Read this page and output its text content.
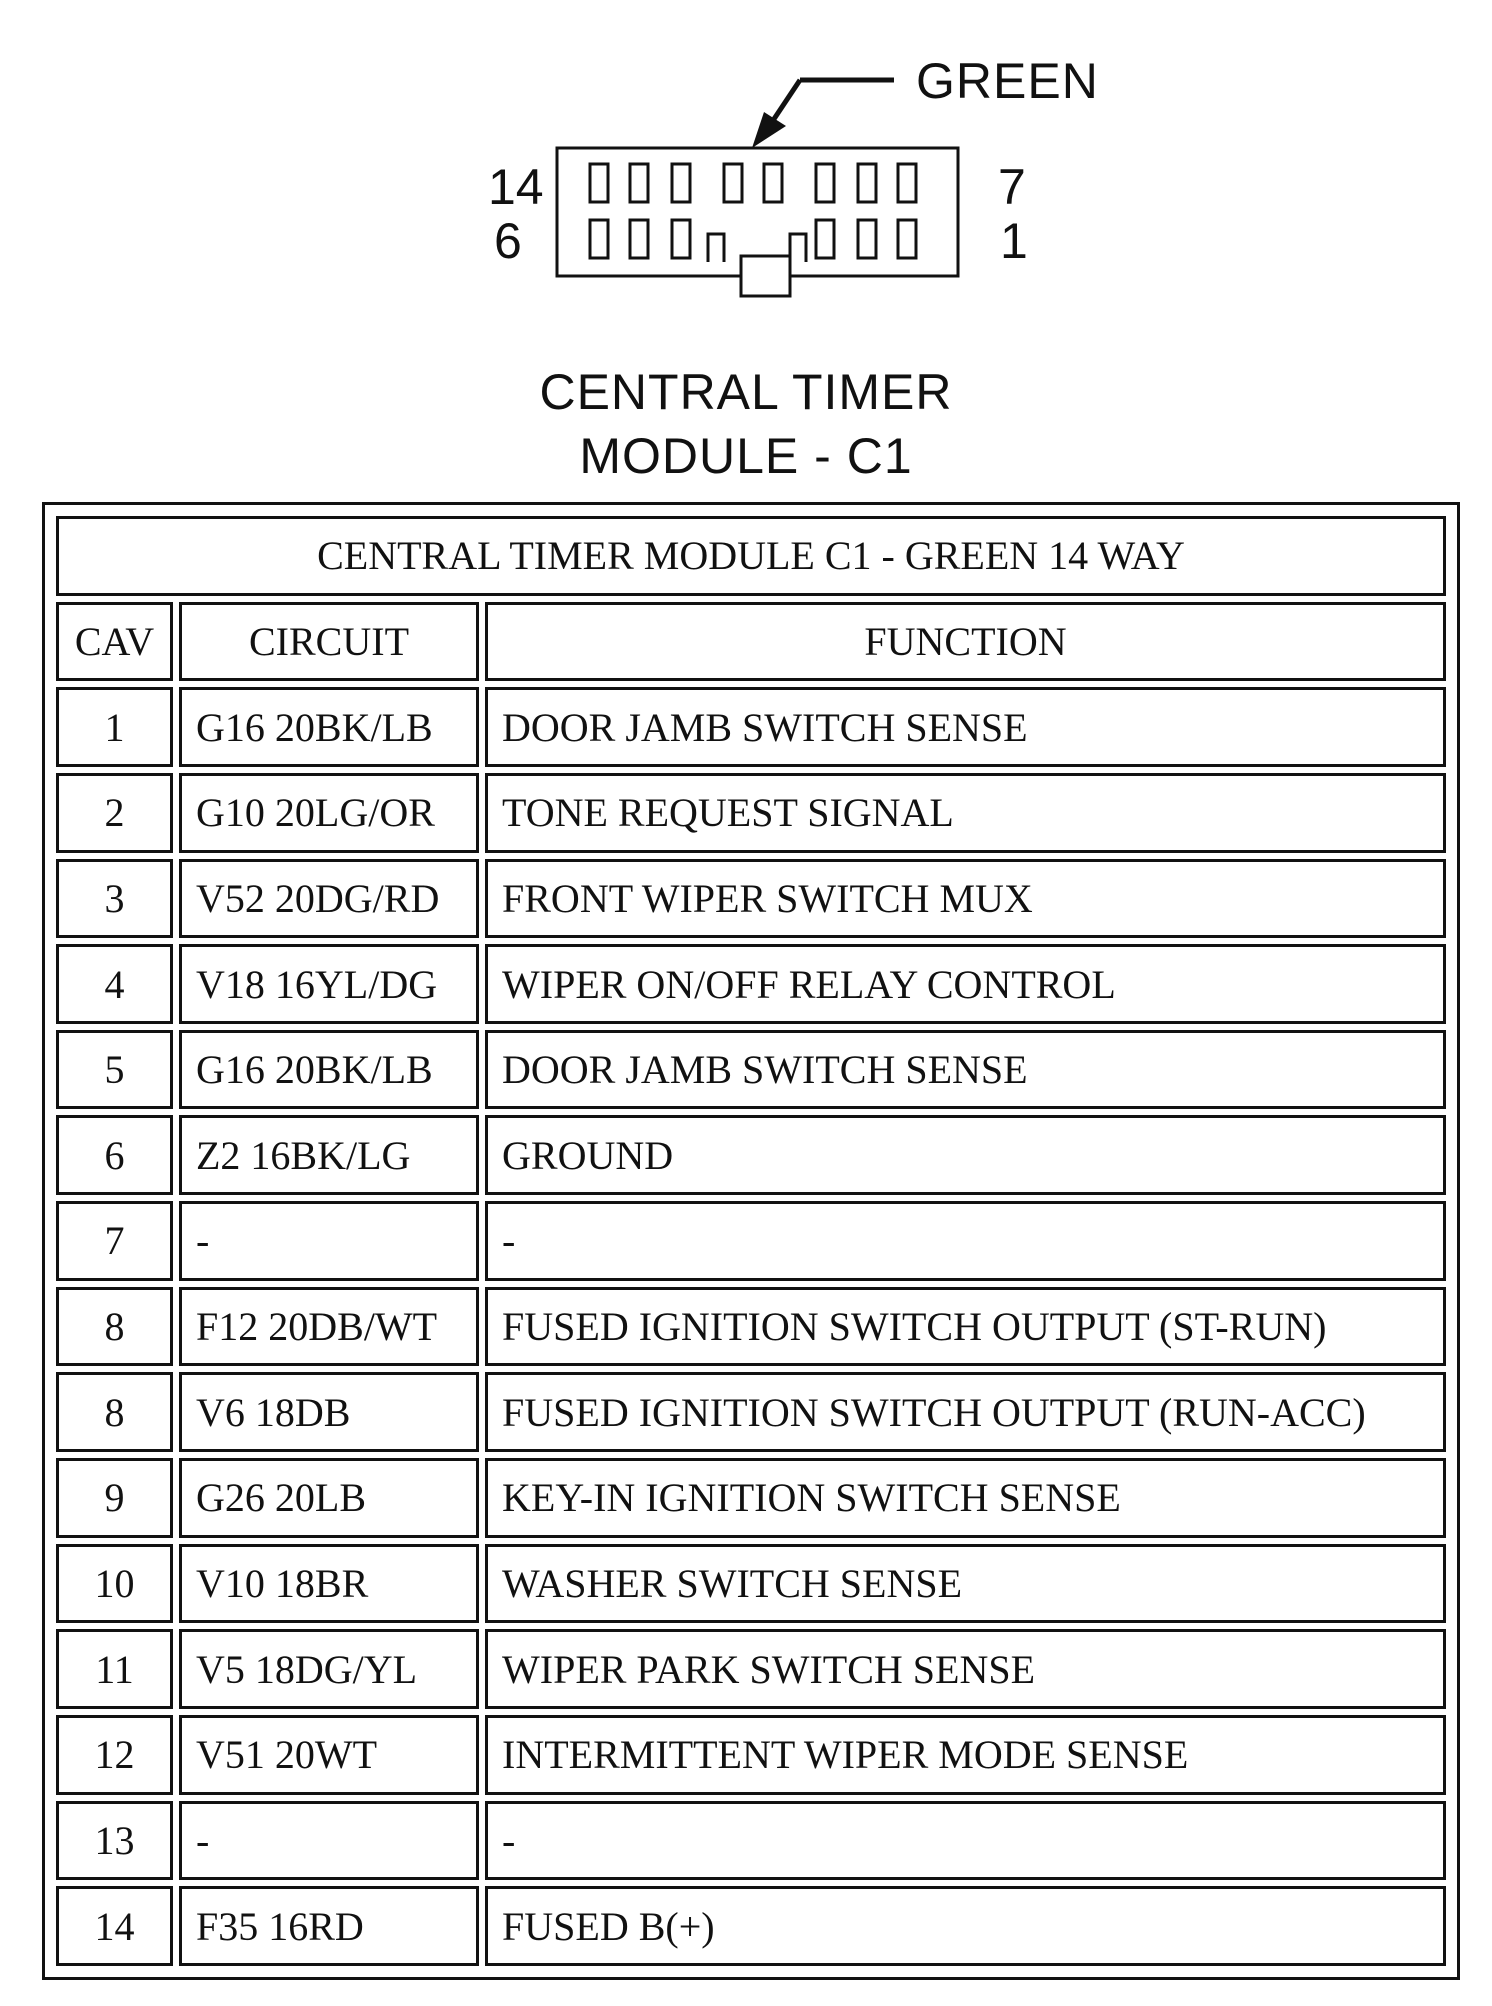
GREEN
14
6
7
1
CENTRAL TIMER
MODULE - C1
CENTRAL TIMER MODULE C1 - GREEN 14 WAY		
CAV	CIRCUIT	FUNCTION
1	G16 20BK/LB	DOOR JAMB SWITCH SENSE
2	G10 20LG/OR	TONE REQUEST SIGNAL
3	V52 20DG/RD	FRONT WIPER SWITCH MUX
4	V18 16YL/DG	WIPER ON/OFF RELAY CONTROL
5	G16 20BK/LB	DOOR JAMB SWITCH SENSE
6	Z2 16BK/LG	GROUND
7	-	-
8	F12 20DB/WT	FUSED IGNITION SWITCH OUTPUT (ST-RUN)
8	V6 18DB	FUSED IGNITION SWITCH OUTPUT (RUN-ACC)
9	G26 20LB	KEY-IN IGNITION SWITCH SENSE
10	V10 18BR	WASHER SWITCH SENSE
11	V5 18DG/YL	WIPER PARK SWITCH SENSE
12	V51 20WT	INTERMITTENT WIPER MODE SENSE
13	-	-
14	F35 16RD	FUSED B(+)
